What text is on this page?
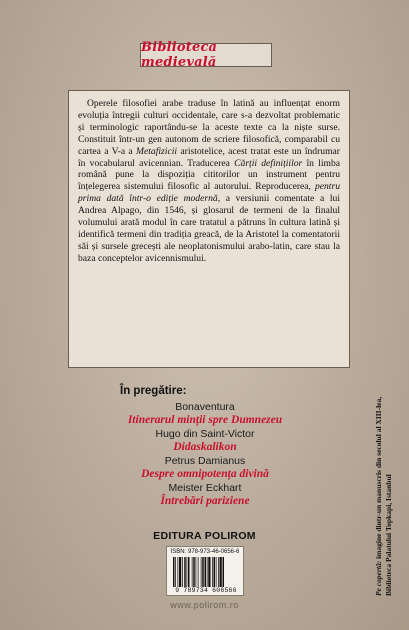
Biblioteca medievală

Operele filosofiei arabe traduse în latină au influențat enorm evoluția întregii culturi occidentale, care s-a dezvoltat problematic și terminologic raportându-se la aceste texte ca la niște surse. Constituit într-un gen autonom de scriere filosofică, comparabil cu cartea a V-a a Metafizicii aristotelice, acest tratat este un îndrumar în vocabularul avicennian. Traducerea Cărții definițiilor în limba română pune la dispoziția cititorilor un instrument pentru înțelegerea sistemului filosofic al autorului. Reproducerea, pentru prima dată într-o ediție modernă, a versiunii comentate a lui Andrea Alpago, din 1546, și glosarul de termeni de la finalul volumului arată modul în care tratatul a pătruns în cultura latină și identifică termeni din tradiția greacă, de la Aristotel la comentatorii săi și sursele grecești ale neoplatonismului arabo-latin, care stau la baza conceptelor avicennismului.

În pregătire:
Bonaventura
Itinerarul minții spre Dumnezeu
Hugo din Saint-Victor
Didaskalikon
Petrus Damianus
Despre omnipotența divină
Meister Eckhart
Întrebări pariziene
EDITURA POLIROM
ISBN: 978-973-46-0656-6
9 789734 606566
www.polirom.ro
Pe copertă: imagine dintr-un manuscris din secolul al XIII-lea, Biblioteca Palatului Topkapi, Istanbul
